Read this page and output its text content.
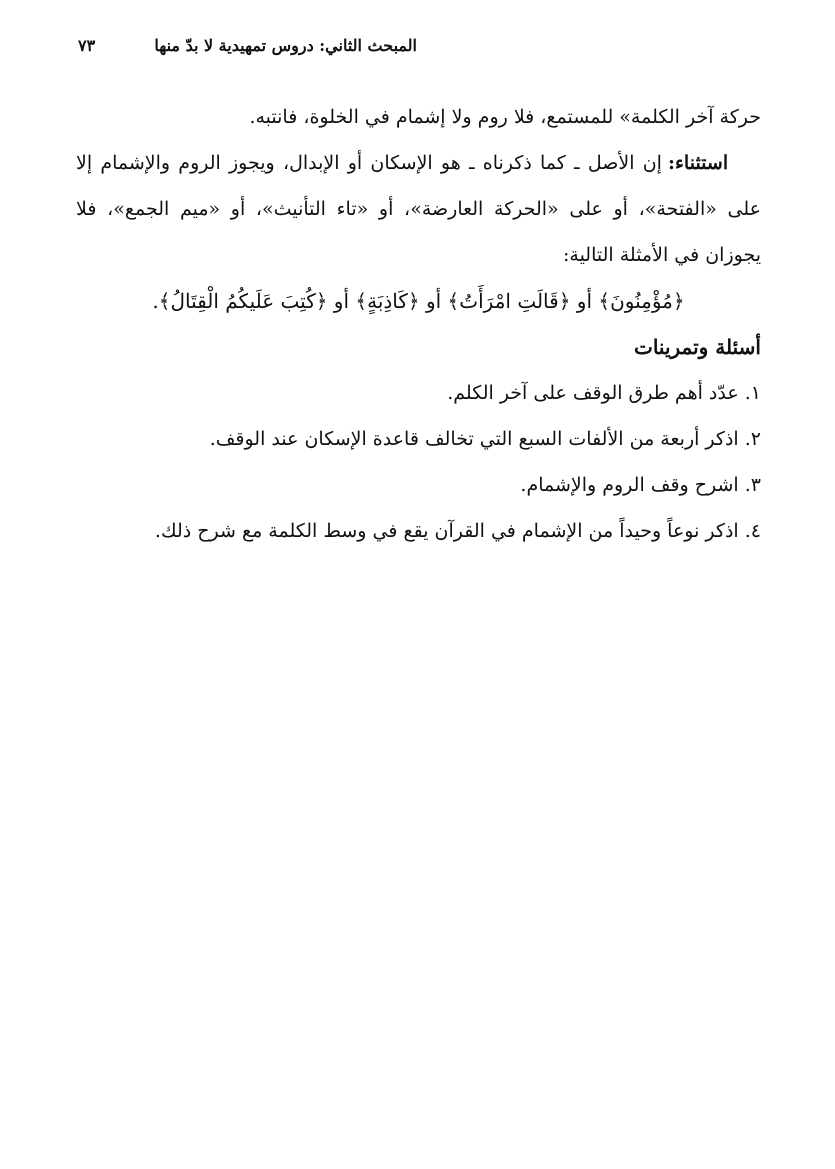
المبحث الثاني: دروس تمهيدية لا بدّ منها
٧٣

حركة آخر الكلمة» للمستمع، فلا روم ولا إشمام في الخلوة، فانتبه.

استثناء: إن الأصل ـ كما ذكرناه ـ هو الإسكان أو الإبدال، ويجوز الروم والإشمام إلا على «الفتحة»، أو على «الحركة العارضة»، أو «تاء التأنيث»، أو «ميم الجمع»، فلا يجوزان في الأمثلة التالية:

﴿مُؤْمِنُونَ﴾ أو ﴿قَالَتِ امْرَأَتُ﴾ أو ﴿كَاذِبَةٍ﴾ أو ﴿كُتِبَ عَلَيكُمُ الْقِتَالُ﴾.

أسئلة وتمرينات

١. عدّد أهم طرق الوقف على آخر الكلم.

٢. اذكر أربعة من الألفات السبع التي تخالف قاعدة الإسكان عند الوقف.

٣. اشرح وقف الروم والإشمام.

٤. اذكر نوعاً وحيداً من الإشمام في القرآن يقع في وسط الكلمة مع شرح ذلك.
